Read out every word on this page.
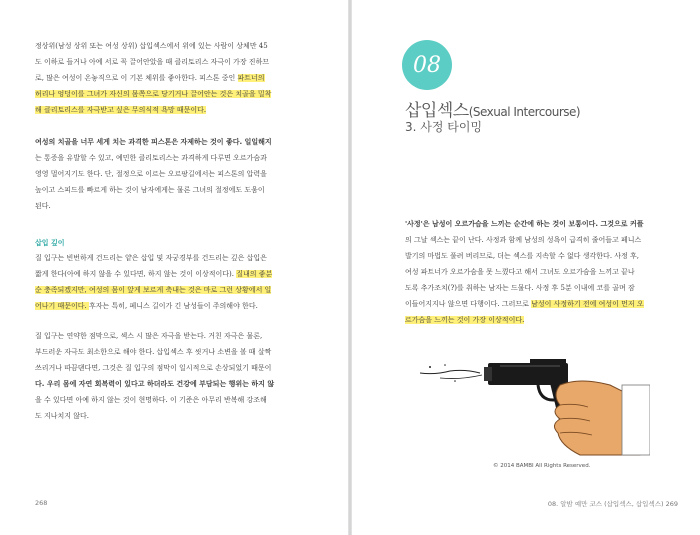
정상위(남성 상위 또는 여성 상위) 삽입섹스에서 위에 있는 사람이 상체만 45
도 이하로 들거나 아예 서로 꼭 끌어안았을 때 클리토리스 자극이 가장 진하므
로, 많은 여성이 온놓직으로 이 기본 체위를 좋아한다. 피스톤 중인 파트너의
허리나 엉덩이를 그녀가 자신의 몸쪽으로 당기거나 끌어안는 것은 치골을 밀착
해 클리토리스를 자극받고 싶은 무의식적 욕망 때문이다.
여성의 치골을 너무 세게 치는 과격한 피스톤은 자제하는 것이 좋다. 일일해지
는 통증을 유발할 수 있고, 예민한 클리토리스는 과격하게 다루면 오르가슴과
영영 멀어지기도 한다. 단, 절정으로 이르는 오르팡길에서는 피스톤의 압력을
높이고 스피드를 빠르게 하는 것이 남자에게는 물론 그녀의 절정에도 도움이
된다.
삽입 깊이
질 입구는 빈번하게 건드리는 얕은 삽입 및 자궁경부를 건드리는 깊은 삽입은
짧게 한다(아예 하지 않을 수 있다면, 하지 않는 것이 이상적이다). 질내의 좋분
순 충족되겠지만, 여성의 몸이 앞게 보르게 축내는 것은 마로 그런 상황에서 일
어나기 때문이다. 후자는 특히, 페니스 길이가 긴 남성들이 주의해야 한다.
질 입구는 연약한 점막으로, 섹스 시 많은 자극을 받는다. 거친 자극은 물론,
부드러운 자극도 최소한으로 해야 한다. 삽입섹스 후 씻거나 소변을 볼 때 살짝
쓰리거나 따끔댄다면, 그것은 질 입구의 점막이 일시적으로 손상되었기 때문이
다. 우리 몸에 자연 회복력이 있다고 하더라도 건강에 부담되는 행위는 하지 않
을 수 있다면 아예 하지 않는 것이 현명하다. 이 기준은 아무리 반복해 강조해
도 지나치지 않다.
268
08
삽입섹스(Sexual Intercourse)
3. 사정 타이밍
'사정'은 남성이 오르가슴을 느끼는 순간에 하는 것이 보통이다. 그것으로 커플
의 그날 섹스는 끝이 난다. 사정과 함께 남성의 성욕이 급격히 줄어들고 페니스
발기의 마법도 풀려 버리므로, 더는 섹스를 지속할 수 없다 생각한다. 사정 후,
여성 파트너가 오르가슴을 못 느꼈다고 해서 그녀도 오르가슴을 느끼고 끝나
도록 추가조치(?)를 취하는 남자는 드물다. 사정 후 5분 이내에 코를 골며 잠
이들어지지나 않으면 다행이다. 그러므로 남성이 사정하기 전에 여성이 먼저 오
르가슴을 느끼는 것이 가장 이상적이다.
© 2014 BAMBI All Rights Reserved.
08. 알밤 예만 코스 (삽입섹스, 삽입섹스) 269
